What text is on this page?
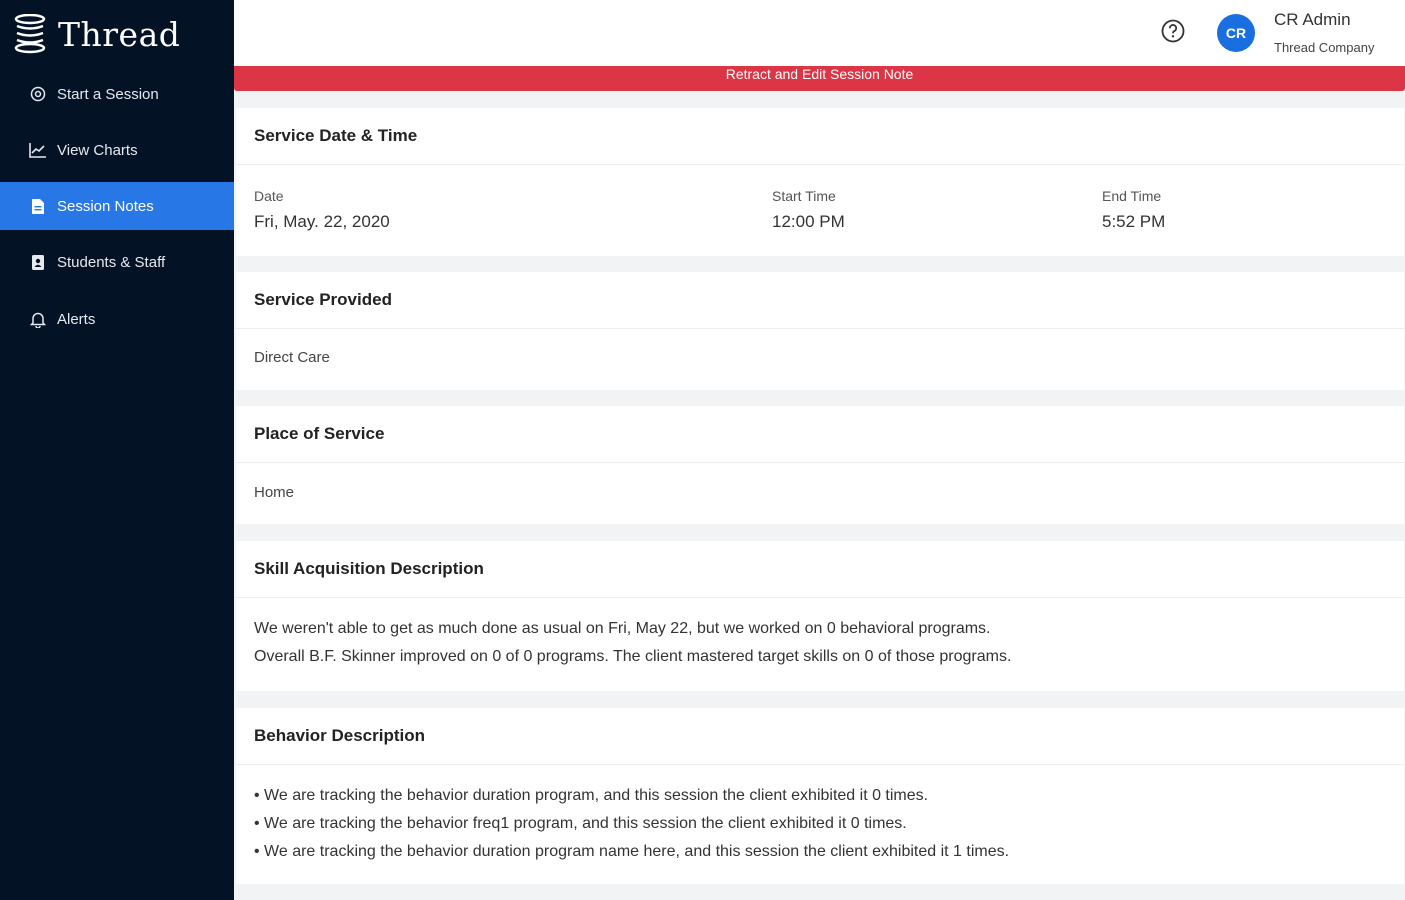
Thread
Start a Session
View Charts
Session Notes
Students & Staff
Alerts
CR
CR Admin
Thread Company
Retract and Edit Session Note
Service Date & Time
Date
Fri, May. 22, 2020
Start Time
12:00 PM
End Time
5:52 PM
Service Provided
Direct Care
Place of Service
Home
Skill Acquisition Description
We weren't able to get as much done as usual on Fri, May 22, but we worked on 0 behavioral programs.
Overall B.F. Skinner improved on 0 of 0 programs. The client mastered target skills on 0 of those programs.
Behavior Description
• We are tracking the behavior duration program, and this session the client exhibited it 0 times.
• We are tracking the behavior freq1 program, and this session the client exhibited it 0 times.
• We are tracking the behavior duration program name here, and this session the client exhibited it 1 times.
